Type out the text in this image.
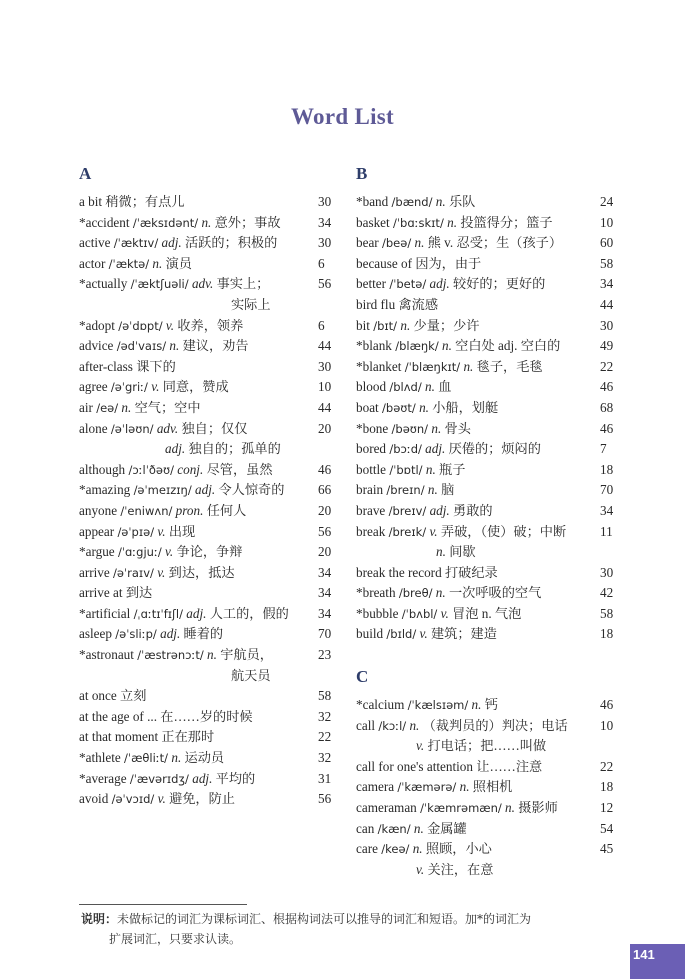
Word List
A
a bit 稍微；有点儿	30
*accident /ˈæksɪdənt/ n. 意外；事故	34
active /ˈæktɪv/ adj. 活跃的；积极的	30
actor /ˈæktə/ n. 演员	6
*actually /ˈæktʃuəli/ adv. 事实上；	56
实际上
*adopt /əˈdɒpt/ v. 收养，领养	6
advice /ədˈvaɪs/ n. 建议，劝告	44
after-class 课下的	30
agree /əˈgriː/ v. 同意，赞成	10
air /eə/ n. 空气；空中	44
alone /əˈləʊn/ adv. 独自；仅仅	20
adj. 独自的；孤单的
although /ɔːlˈðəʊ/ conj. 尽管，虽然	46
*amazing /əˈmeɪzɪŋ/ adj. 令人惊奇的	66
anyone /ˈeniwʌn/ pron. 任何人	20
appear /əˈpɪə/ v. 出现	56
*argue /ˈɑːgjuː/ v. 争论，争辩	20
arrive /əˈraɪv/ v. 到达，抵达	34
arrive at 到达	34
*artificial /ˌɑːtɪˈfɪʃl/ adj. 人工的，假的 34
asleep /əˈsliːp/ adj. 睡着的	70
*astronaut /ˈæstrənɔːt/ n. 宇航员，	23
航天员
at once 立刻	58
at the age of ... 在……岁的时候	32
at that moment 正在那时	22
*athlete /ˈæθliːt/ n. 运动员	32
*average /ˈævərɪdʒ/ adj. 平均的	31
avoid /əˈvɔɪd/ v. 避免，防止	56
B
*band /bænd/ n. 乐队	24
basket /ˈbɑːskɪt/ n. 投篮得分；篮子	10
bear /beə/ n. 熊 v. 忍受；生（孩子）	60
because of 因为，由于	58
better /ˈbetə/ adj. 较好的；更好的	34
bird flu 禽流感	44
bit /bɪt/ n. 少量；少许	30
*blank /blæŋk/ n. 空白处 adj. 空白的	49
*blanket /ˈblæŋkɪt/ n. 毯子，毛毯	22
blood /blʌd/ n. 血	46
boat /bəʊt/ n. 小船，划艇	68
*bone /bəʊn/ n. 骨头	46
bored /bɔːd/ adj. 厌倦的；烦闷的	7
bottle /ˈbɒtl/ n. 瓶子	18
brain /breɪn/ n. 脑	70
brave /breɪv/ adj. 勇敢的	34
break /breɪk/ v. 弄破，（使）破；中断	11
n. 间歇
break the record 打破纪录	30
*breath /breθ/ n. 一次呼吸的空气	42
*bubble /ˈbʌbl/ v. 冒泡 n. 气泡	58
build /bɪld/ v. 建筑；建造	18
C
*calcium /ˈkælsɪəm/ n. 钙	46
call /kɔːl/ n. （裁判员的）判决；电话 10
v. 打电话；把……叫做
call for one's attention 让……注意	22
camera /ˈkæmərə/ n. 照相机	18
cameraman /ˈkæmrəmæn/ n. 摄影师	12
can /kæn/ n. 金属罐	54
care /keə/ n. 照顾，小心	45
v. 关注，在意
说明：未做标记的词汇为课标词汇、根据构词法可以推导的词汇和短语。加*的词汇为
扩展词汇，只要求认读。
141
